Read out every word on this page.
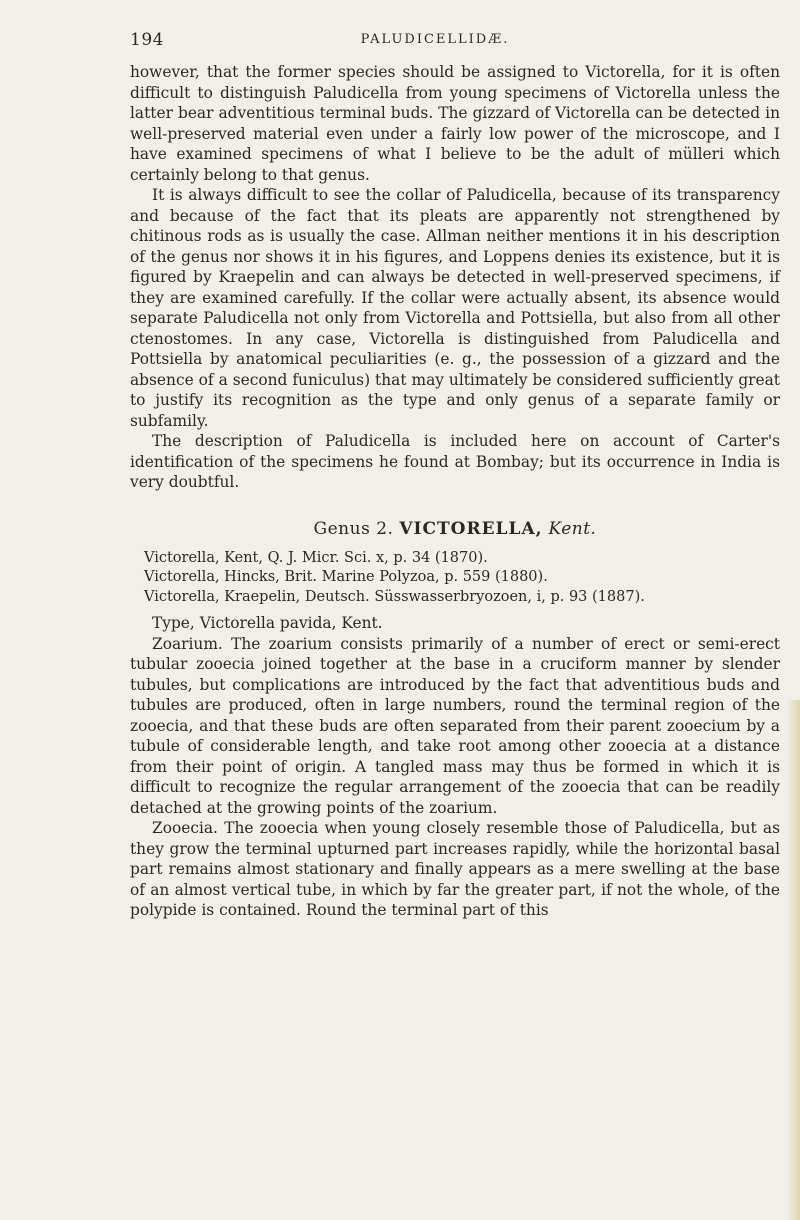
194	PALUDICELLIDÆ.

however, that the former species should be assigned to Victorella, for it is often difficult to distinguish Paludicella from young specimens of Victorella unless the latter bear adventitious terminal buds. The gizzard of Victorella can be detected in well-preserved material even under a fairly low power of the microscope, and I have examined specimens of what I believe to be the adult of mülleri which certainly belong to that genus.

It is always difficult to see the collar of Paludicella, because of its transparency and because of the fact that its pleats are apparently not strengthened by chitinous rods as is usually the case. Allman neither mentions it in his description of the genus nor shows it in his figures, and Loppens denies its existence, but it is figured by Kraepelin and can always be detected in well-preserved specimens, if they are examined carefully. If the collar were actually absent, its absence would separate Paludicella not only from Victorella and Pottsiella, but also from all other ctenostomes. In any case, Victorella is distinguished from Paludicella and Pottsiella by anatomical peculiarities (e. g., the possession of a gizzard and the absence of a second funiculus) that may ultimately be considered sufficiently great to justify its recognition as the type and only genus of a separate family or subfamily.

The description of Paludicella is included here on account of Carter's identification of the specimens he found at Bombay; but its occurrence in India is very doubtful.

Genus 2. VICTORELLA, Kent.

Victorella, Kent, Q. J. Micr. Sci. x, p. 34 (1870).

Victorella, Hincks, Brit. Marine Polyzoa, p. 559 (1880).

Victorella, Kraepelin, Deutsch. Süsswasserbryozoen, i, p. 93 (1887).

Type, Victorella pavida, Kent.

Zoarium. The zoarium consists primarily of a number of erect or semi-erect tubular zooecia joined together at the base in a cruciform manner by slender tubules, but complications are introduced by the fact that adventitious buds and tubules are produced, often in large numbers, round the terminal region of the zooecia, and that these buds are often separated from their parent zooecium by a tubule of considerable length, and take root among other zooecia at a distance from their point of origin. A tangled mass may thus be formed in which it is difficult to recognize the regular arrangement of the zooecia that can be readily detached at the growing points of the zoarium.

Zooecia. The zooecia when young closely resemble those of Paludicella, but as they grow the terminal upturned part increases rapidly, while the horizontal basal part remains almost stationary and finally appears as a mere swelling at the base of an almost vertical tube, in which by far the greater part, if not the whole, of the polypide is contained. Round the terminal part of this
